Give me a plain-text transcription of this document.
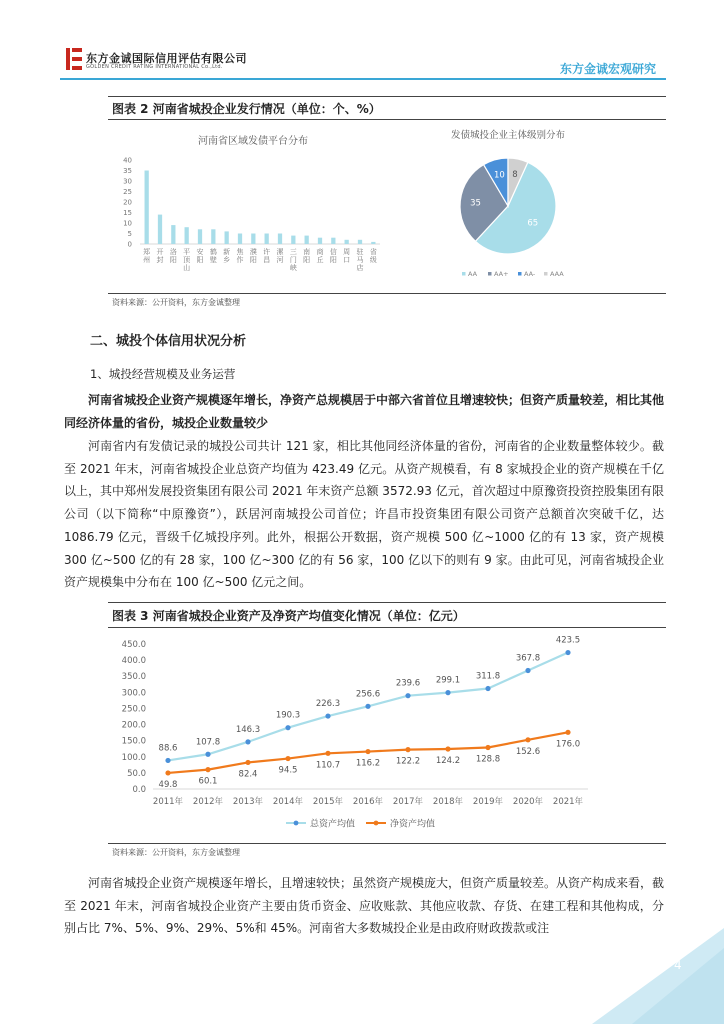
东方金诚国际信用评估有限公司
GOLDEN CREDIT RATING INTERNATIONAL Co.,Ltd.	东方金诚宏观研究
图表 2 河南省城投企业发行情况（单位：个、%）
河南省区域发债平台分布
0
5
10
15
20
25
30
35
40
郑州
开封
洛阳
平顶山
安阳
鹤壁
新乡
焦作
濮阳
许昌
漯河
三门峡
南阳
商丘
信阳
周口
驻马店
省级
发债城投企业主体级别分布
65
35
10 8
AA	AA+ AA- AAA
资料来源：公开资料，东方金诚整理
二、城投个体信用状况分析
1、城投经营规模及业务运营
河南省城投企业资产规模逐年增长，净资产总规模居于中部六省首位且增速较快；但资产质量较差，相比其他同经济体量的省份，城投企业数量较少
河南省内有发债记录的城投公司共计 121 家，相比其他同经济体量的省份，河南省的企业数量整体较少。截至 2021 年末，河南省城投企业总资产均值为 423.49 亿元。从资产规模看，有 8 家城投企业的资产规模在千亿以上，其中郑州发展投资集团有限公司 2021 年末资产总额 3572.93 亿元，首次超过中原豫资投资控股集团有限公司（以下简称“中原豫资”），跃居河南城投公司首位；许昌市投资集团有限公司资产总额首次突破千亿，达 1086.79 亿元，晋级千亿城投序列。此外，根据公开数据，资产规模 500 亿~1000 亿的有 13 家，资产规模 300 亿~500 亿的有 28 家，100 亿~300 亿的有 56 家，100 亿以下的则有 9 家。由此可见，河南省城投企业资产规模集中分布在 100 亿~500 亿元之间。
图表 3 河南省城投企业资产及净资产均值变化情况（单位：亿元）
0.0
50.0
100.0
150.0
200.0
250.0
300.0
350.0
400.0
450.0
2011年 2012年 2013年 2014年 2015年 2016年 2017年 2018年 2019年 2020年 2021年
88.6
107.8
146.3
190.3
226.3
256.6
239.6 299.1 311.8
367.8
423.5
49.8 60.1
82.4 94.5
110.7 116.2 122.2 124.2 128.8
152.6
176.0
总资产均值	净资产均值
资料来源：公开资料，东方金诚整理
河南省城投企业资产规模逐年增长，且增速较快；虽然资产规模庞大，但资产质量较差。从资产构成来看，截至 2021 年末，河南省城投企业资产主要由货币资金、应收账款、其他应收款、存货、在建工程和其他构成，分别占比 7%、5%、9%、29%、5%和 45%。河南省大多数城投企业是由政府财政拨款或注
4
